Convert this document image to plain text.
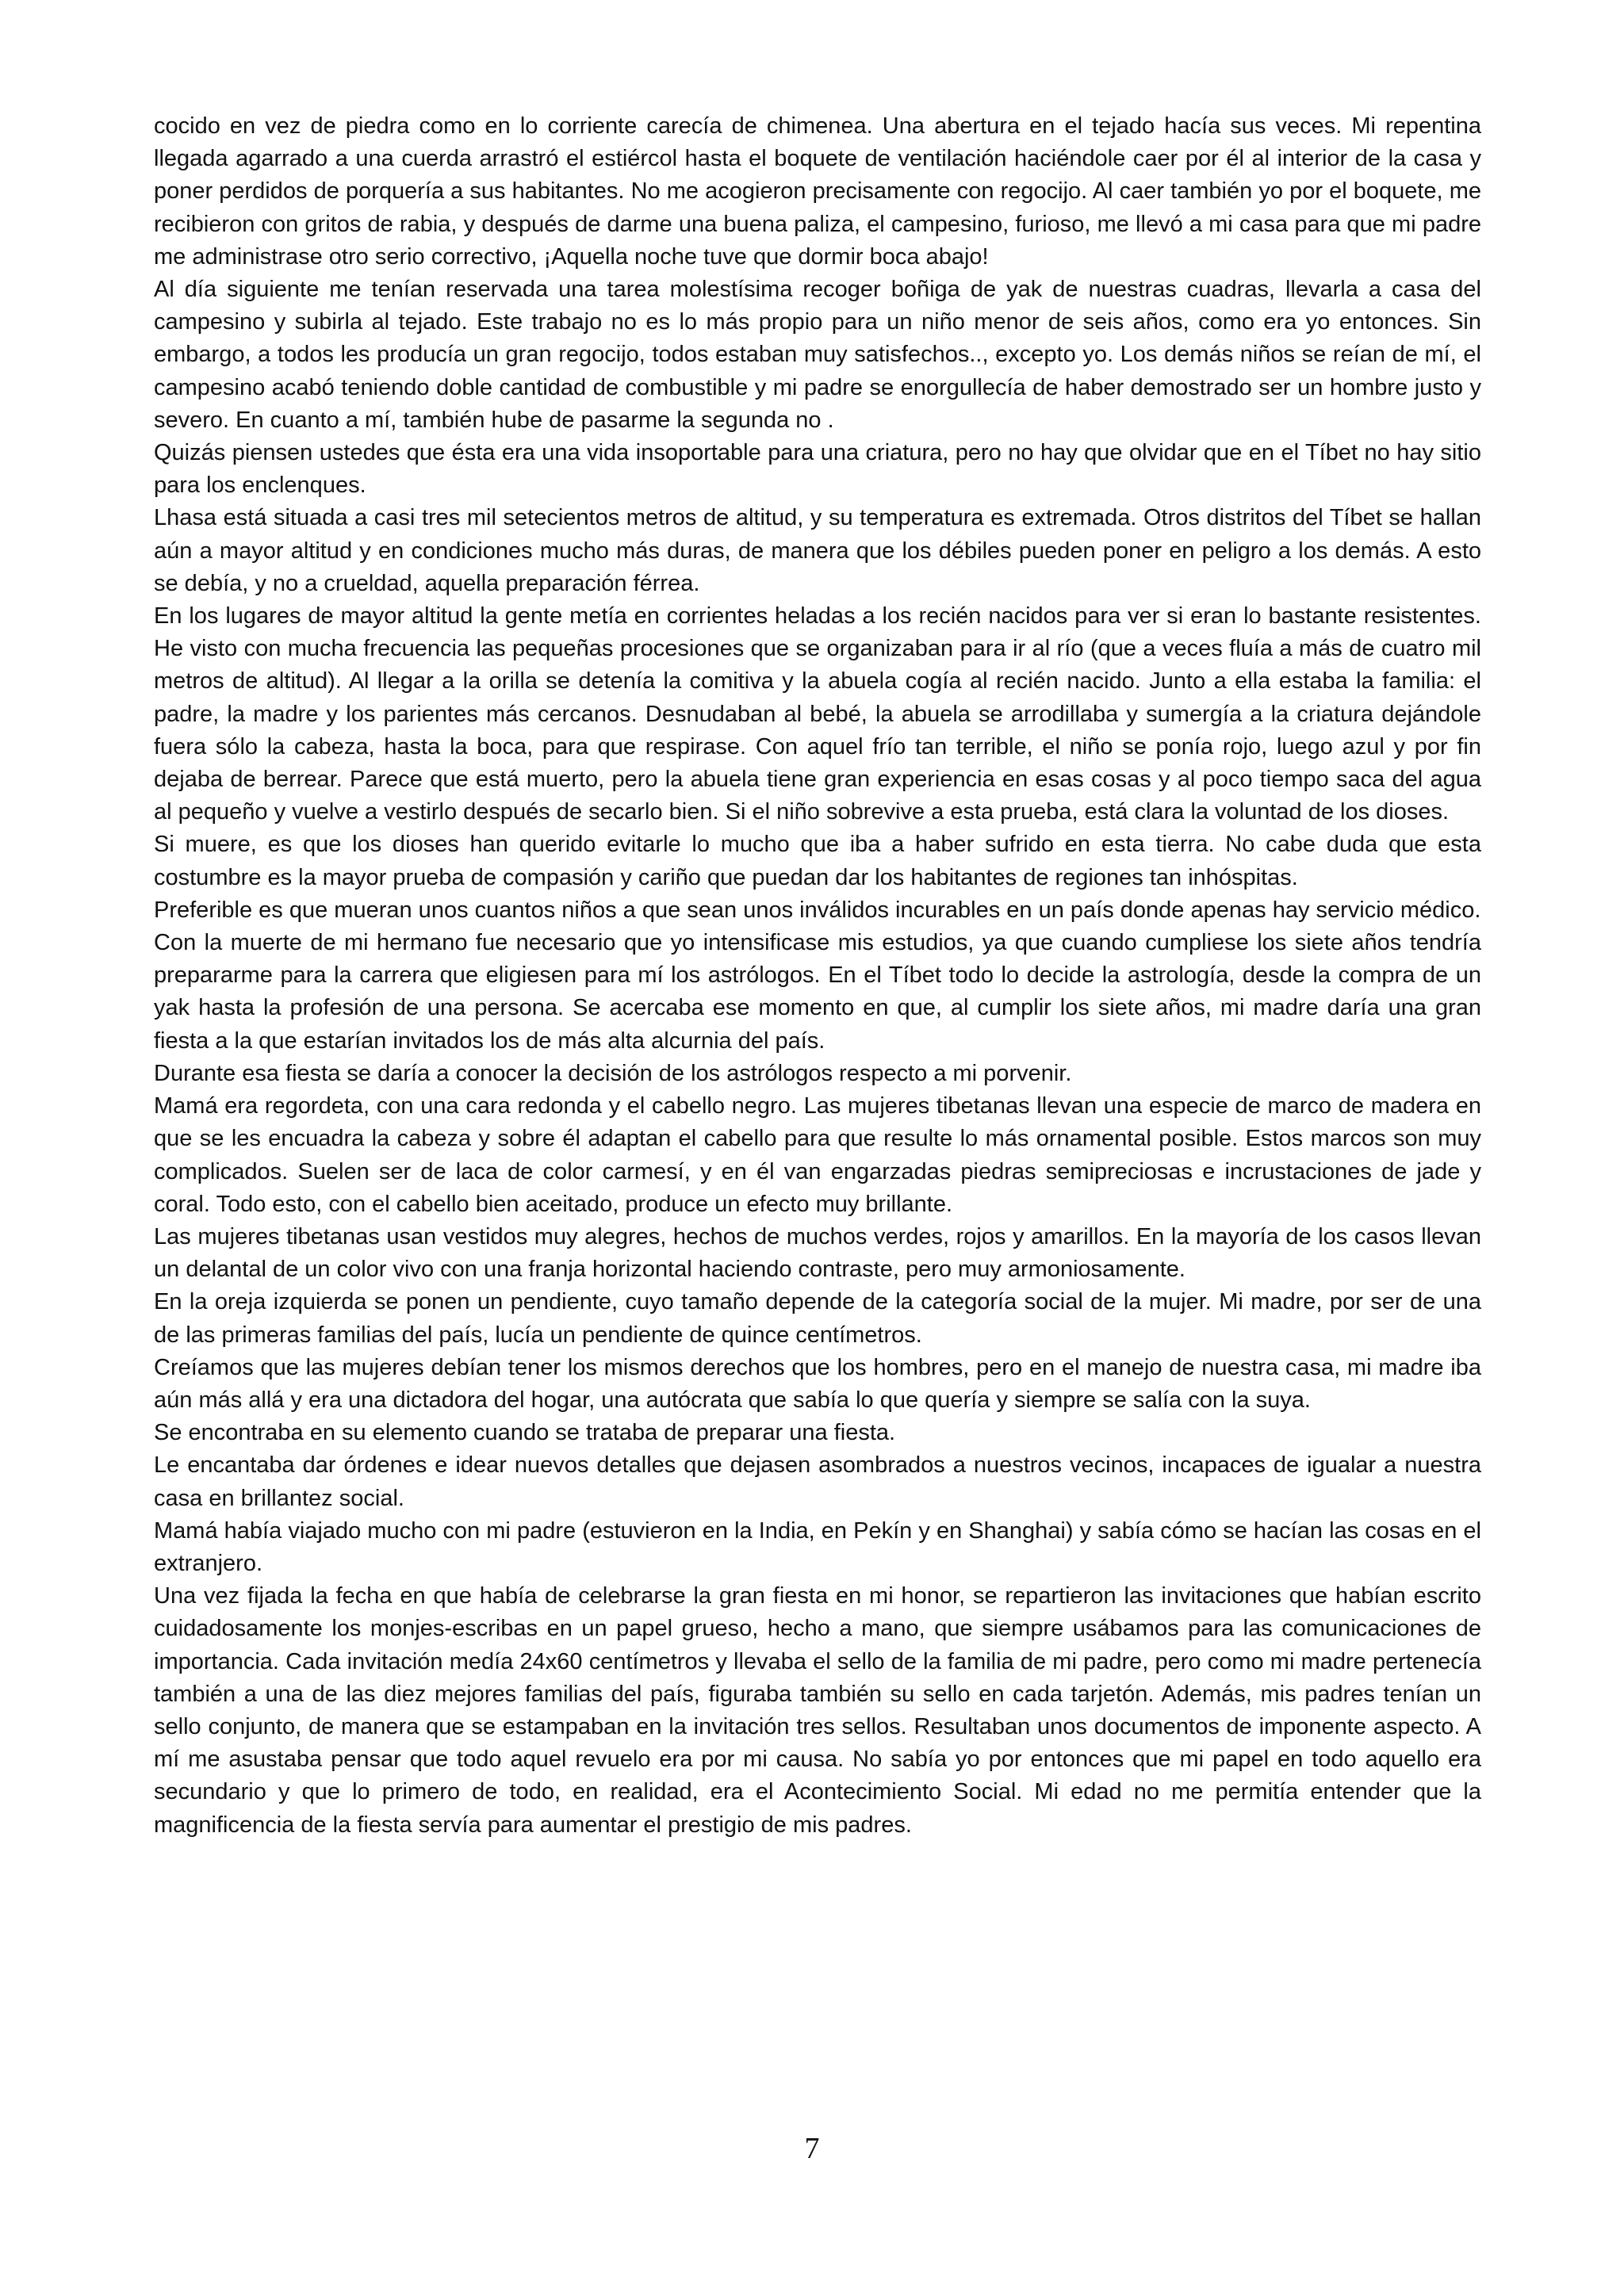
cocido en vez de piedra como en lo corriente carecía de chimenea. Una abertura en el tejado hacía sus veces. Mi repentina llegada agarrado a una cuerda arrastró el estiércol hasta el boquete de ventilación haciéndole caer por él al interior de la casa y poner perdidos de porquería a sus habitantes. No me acogieron precisamente con regocijo. Al caer también yo por el boquete, me recibieron con gritos de rabia, y después de darme una buena paliza, el campesino, furioso, me llevó a mi casa para que mi padre me administrase otro serio correctivo, ¡Aquella noche tuve que dormir boca abajo!

Al día siguiente me tenían reservada una tarea molestísima recoger boñiga de yak de nuestras cuadras, llevarla a casa del campesino y subirla al tejado. Este trabajo no es lo más propio para un niño menor de seis años, como era yo entonces. Sin embargo, a todos les producía un gran regocijo, todos estaban muy satisfechos.., excepto yo. Los demás niños se reían de mí, el campesino acabó teniendo doble cantidad de combustible y mi padre se enorgullecía de haber demostrado ser un hombre justo y severo. En cuanto a mí, también hube de pasarme la segunda no .

Quizás piensen ustedes que ésta era una vida insoportable para una criatura, pero no hay que olvidar que en el Tíbet no hay sitio para los enclenques.

Lhasa está situada a casi tres mil setecientos metros de altitud, y su temperatura es extremada. Otros distritos del Tíbet se hallan aún a mayor altitud y en condiciones mucho más duras, de manera que los débiles pueden poner en peligro a los demás. A esto se debía, y no a crueldad, aquella preparación férrea.

En los lugares de mayor altitud la gente metía en corrientes heladas a los recién nacidos para ver si eran lo bastante resistentes. He visto con mucha frecuencia las pequeñas procesiones que se organizaban para ir al río (que a veces fluía a más de cuatro mil metros de altitud). Al llegar a la orilla se detenía la comitiva y la abuela cogía al recién nacido. Junto a ella estaba la familia: el padre, la madre y los parientes más cercanos. Desnudaban al bebé, la abuela se arrodillaba y sumergía a la criatura dejándole fuera sólo la cabeza, hasta la boca, para que respirase. Con aquel frío tan terrible, el niño se ponía rojo, luego azul y por fin dejaba de berrear. Parece que está muerto, pero la abuela tiene gran experiencia en esas cosas y al poco tiempo saca del agua al pequeño y vuelve a vestirlo después de secarlo bien. Si el niño sobrevive a esta prueba, está clara la voluntad de los dioses.

Si muere, es que los dioses han querido evitarle lo mucho que iba a haber sufrido en esta tierra. No cabe duda que esta costumbre es la mayor prueba de compasión y cariño que puedan dar los habitantes de regiones tan inhóspitas.

Preferible es que mueran unos cuantos niños a que sean unos inválidos incurables en un país donde apenas hay servicio médico.

Con la muerte de mi hermano fue necesario que yo intensificase mis estudios, ya que cuando cumpliese los siete años tendría prepararme para la carrera que eligiesen para mí los astrólogos. En el Tíbet todo lo decide la astrología, desde la compra de un yak hasta la profesión de una persona. Se acercaba ese momento en que, al cumplir los siete años, mi madre daría una gran fiesta a la que estarían invitados los de más alta alcurnia del país.

Durante esa fiesta se daría a conocer la decisión de los astrólogos respecto a mi porvenir.

Mamá era regordeta, con una cara redonda y el cabello negro. Las mujeres tibetanas llevan una especie de marco de madera en que se les encuadra la cabeza y sobre él adaptan el cabello para que resulte lo más ornamental posible. Estos marcos son muy complicados. Suelen ser de laca de color carmesí, y en él van engarzadas piedras semipreciosas e incrustaciones de jade y coral. Todo esto, con el cabello bien aceitado, produce un efecto muy brillante.

Las mujeres tibetanas usan vestidos muy alegres, hechos de muchos verdes, rojos y amarillos. En la mayoría de los casos llevan un delantal de un color vivo con una franja horizontal haciendo contraste, pero muy armoniosamente.

En la oreja izquierda se ponen un pendiente, cuyo tamaño depende de la categoría social de la mujer. Mi madre, por ser de una de las primeras familias del país, lucía un pendiente de quince centímetros.

Creíamos que las mujeres debían tener los mismos derechos que los hombres, pero en el manejo de nuestra casa, mi madre iba aún más allá y era una dictadora del hogar, una autócrata que sabía lo que quería y siempre se salía con la suya.

Se encontraba en su elemento cuando se trataba de preparar una fiesta.

Le encantaba dar órdenes e idear nuevos detalles que dejasen asombrados a nuestros vecinos, incapaces de igualar a nuestra casa en brillantez social.

Mamá había viajado mucho con mi padre (estuvieron en la India, en Pekín y en Shanghai) y sabía cómo se hacían las cosas en el extranjero.

Una vez fijada la fecha en que había de celebrarse la gran fiesta en mi honor, se repartieron las invitaciones que habían escrito cuidadosamente los monjes-escribas en un papel grueso, hecho a mano, que siempre usábamos para las comunicaciones de importancia. Cada invitación medía 24x60 centímetros y llevaba el sello de la familia de mi padre, pero como mi madre pertenecía también a una de las diez mejores familias del país, figuraba también su sello en cada tarjetón. Además, mis padres tenían un sello conjunto, de manera que se estampaban en la invitación tres sellos. Resultaban unos documentos de imponente aspecto. A mí me asustaba pensar que todo aquel revuelo era por mi causa. No sabía yo por entonces que mi papel en todo aquello era secundario y que lo primero de todo, en realidad, era el Acontecimiento Social. Mi edad no me permitía entender que la magnificencia de la fiesta servía para aumentar el prestigio de mis padres.

7
